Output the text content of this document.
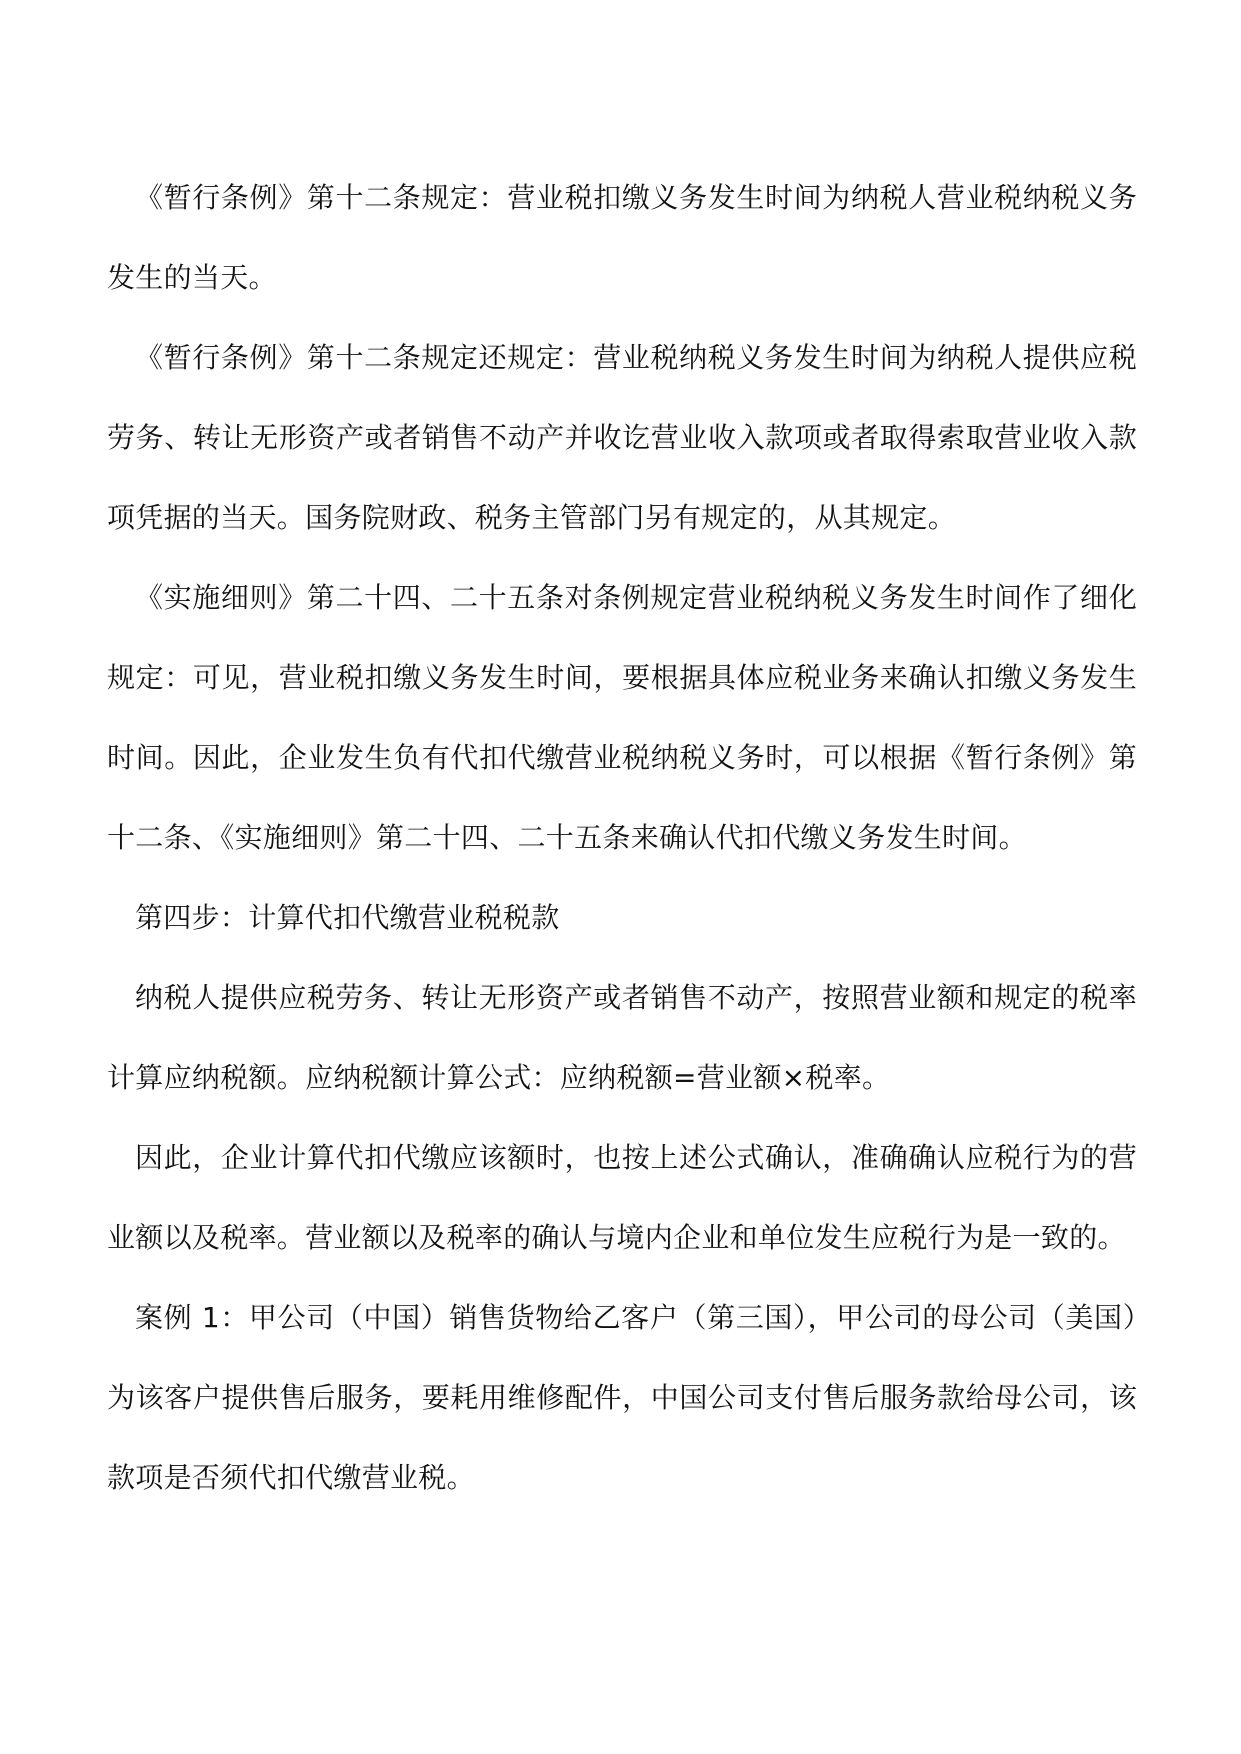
《暂行条例》第十二条规定：营业税扣缴义务发生时间为纳税人营业税纳税义务发生的当天。

《暂行条例》第十二条规定还规定：营业税纳税义务发生时间为纳税人提供应税劳务、转让无形资产或者销售不动产并收讫营业收入款项或者取得索取营业收入款项凭据的当天。国务院财政、税务主管部门另有规定的，从其规定。

《实施细则》第二十四、二十五条对条例规定营业税纳税义务发生时间作了细化规定：可见，营业税扣缴义务发生时间，要根据具体应税业务来确认扣缴义务发生时间。因此，企业发生负有代扣代缴营业税纳税义务时，可以根据《暂行条例》第十二条、《实施细则》第二十四、二十五条来确认代扣代缴义务发生时间。

第四步：计算代扣代缴营业税税款

纳税人提供应税劳务、转让无形资产或者销售不动产，按照营业额和规定的税率计算应纳税额。应纳税额计算公式：应纳税额=营业额×税率。

因此，企业计算代扣代缴应该额时，也按上述公式确认，准确确认应税行为的营业额以及税率。营业额以及税率的确认与境内企业和单位发生应税行为是一致的。

案例 1：甲公司（中国）销售货物给乙客户（第三国），甲公司的母公司（美国）为该客户提供售后服务，要耗用维修配件，中国公司支付售后服务款给母公司，该款项是否须代扣代缴营业税。
